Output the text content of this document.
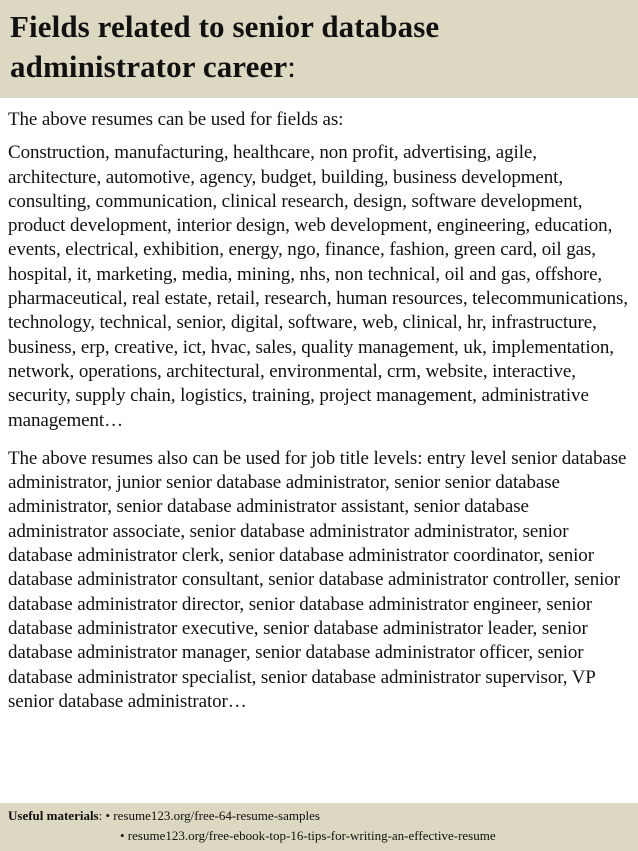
Fields related to senior database administrator career:

The above resumes can be used for fields as:

Construction, manufacturing, healthcare, non profit, advertising, agile, architecture, automotive, agency, budget, building, business development, consulting, communication, clinical research, design, software development, product development, interior design, web development, engineering, education, events, electrical, exhibition, energy, ngo, finance, fashion, green card, oil gas, hospital, it, marketing, media, mining, nhs, non technical, oil and gas, offshore, pharmaceutical, real estate, retail, research, human resources, telecommunications, technology, technical, senior, digital, software, web, clinical, hr, infrastructure, business, erp, creative, ict, hvac, sales, quality management, uk, implementation, network, operations, architectural, environmental, crm, website, interactive, security, supply chain, logistics, training, project management, administrative management…

The above resumes also can be used for job title levels: entry level senior database administrator, junior senior database administrator, senior senior database administrator, senior database administrator assistant, senior database administrator associate, senior database administrator administrator, senior database administrator clerk, senior database administrator coordinator, senior database administrator consultant, senior database administrator controller, senior database administrator director, senior database administrator engineer, senior database administrator executive, senior database administrator leader, senior database administrator manager, senior database administrator officer, senior database administrator specialist, senior database administrator supervisor, VP senior database administrator…

Useful materials: • resume123.org/free-64-resume-samples
• resume123.org/free-ebook-top-16-tips-for-writing-an-effective-resume
